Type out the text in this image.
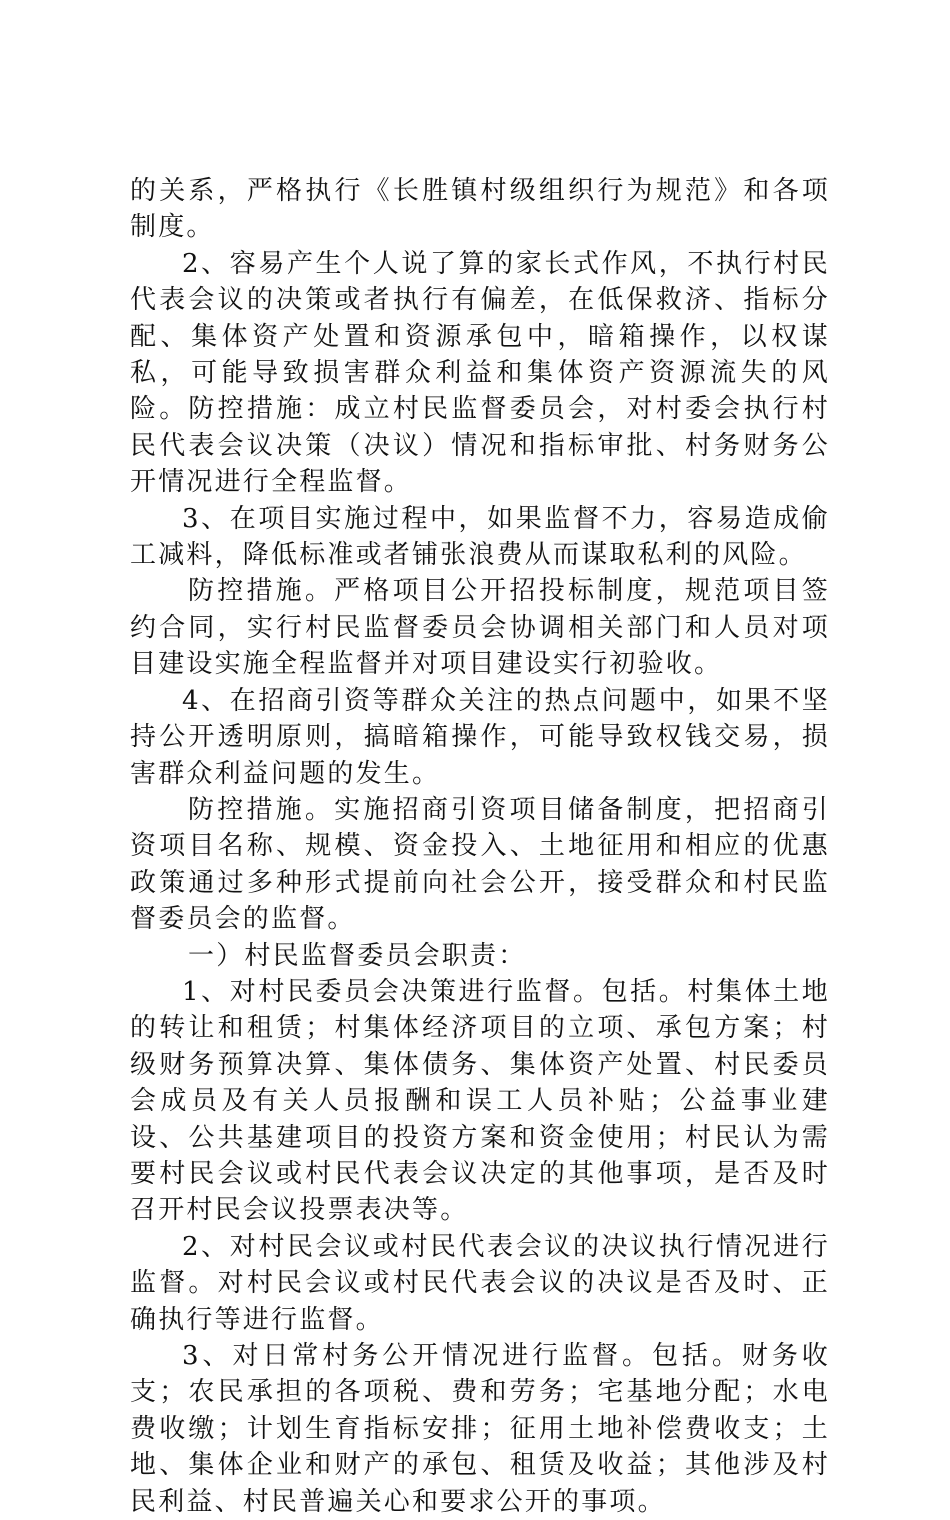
的关系，严格执行《长胜镇村级组织行为规范》和各项制度。

2、容易产生个人说了算的家长式作风，不执行村民代表会议的决策或者执行有偏差，在低保救济、指标分配、集体资产处置和资源承包中，暗箱操作，以权谋私，可能导致损害群众利益和集体资产资源流失的风险。防控措施：成立村民监督委员会，对村委会执行村民代表会议决策（决议）情况和指标审批、村务财务公开情况进行全程监督。

3、在项目实施过程中，如果监督不力，容易造成偷工减料，降低标准或者铺张浪费从而谋取私利的风险。

防控措施。严格项目公开招投标制度，规范项目签约合同，实行村民监督委员会协调相关部门和人员对项目建设实施全程监督并对项目建设实行初验收。

4、在招商引资等群众关注的热点问题中，如果不坚持公开透明原则，搞暗箱操作，可能导致权钱交易，损害群众利益问题的发生。

防控措施。实施招商引资项目储备制度，把招商引资项目名称、规模、资金投入、土地征用和相应的优惠政策通过多种形式提前向社会公开，接受群众和村民监督委员会的监督。

一）村民监督委员会职责：

1、对村民委员会决策进行监督。包括。村集体土地的转让和租赁；村集体经济项目的立项、承包方案；村级财务预算决算、集体债务、集体资产处置、村民委员会成员及有关人员报酬和误工人员补贴；公益事业建设、公共基建项目的投资方案和资金使用；村民认为需要村民会议或村民代表会议决定的其他事项，是否及时召开村民会议投票表决等。

2、对村民会议或村民代表会议的决议执行情况进行监督。对村民会议或村民代表会议的决议是否及时、正确执行等进行监督。

3、对日常村务公开情况进行监督。包括。财务收支；农民承担的各项税、费和劳务；宅基地分配；水电费收缴；计划生育指标安排；征用土地补偿费收支；土地、集体企业和财产的承包、租赁及收益；其他涉及村民利益、村民普遍关心和要求公开的事项。
